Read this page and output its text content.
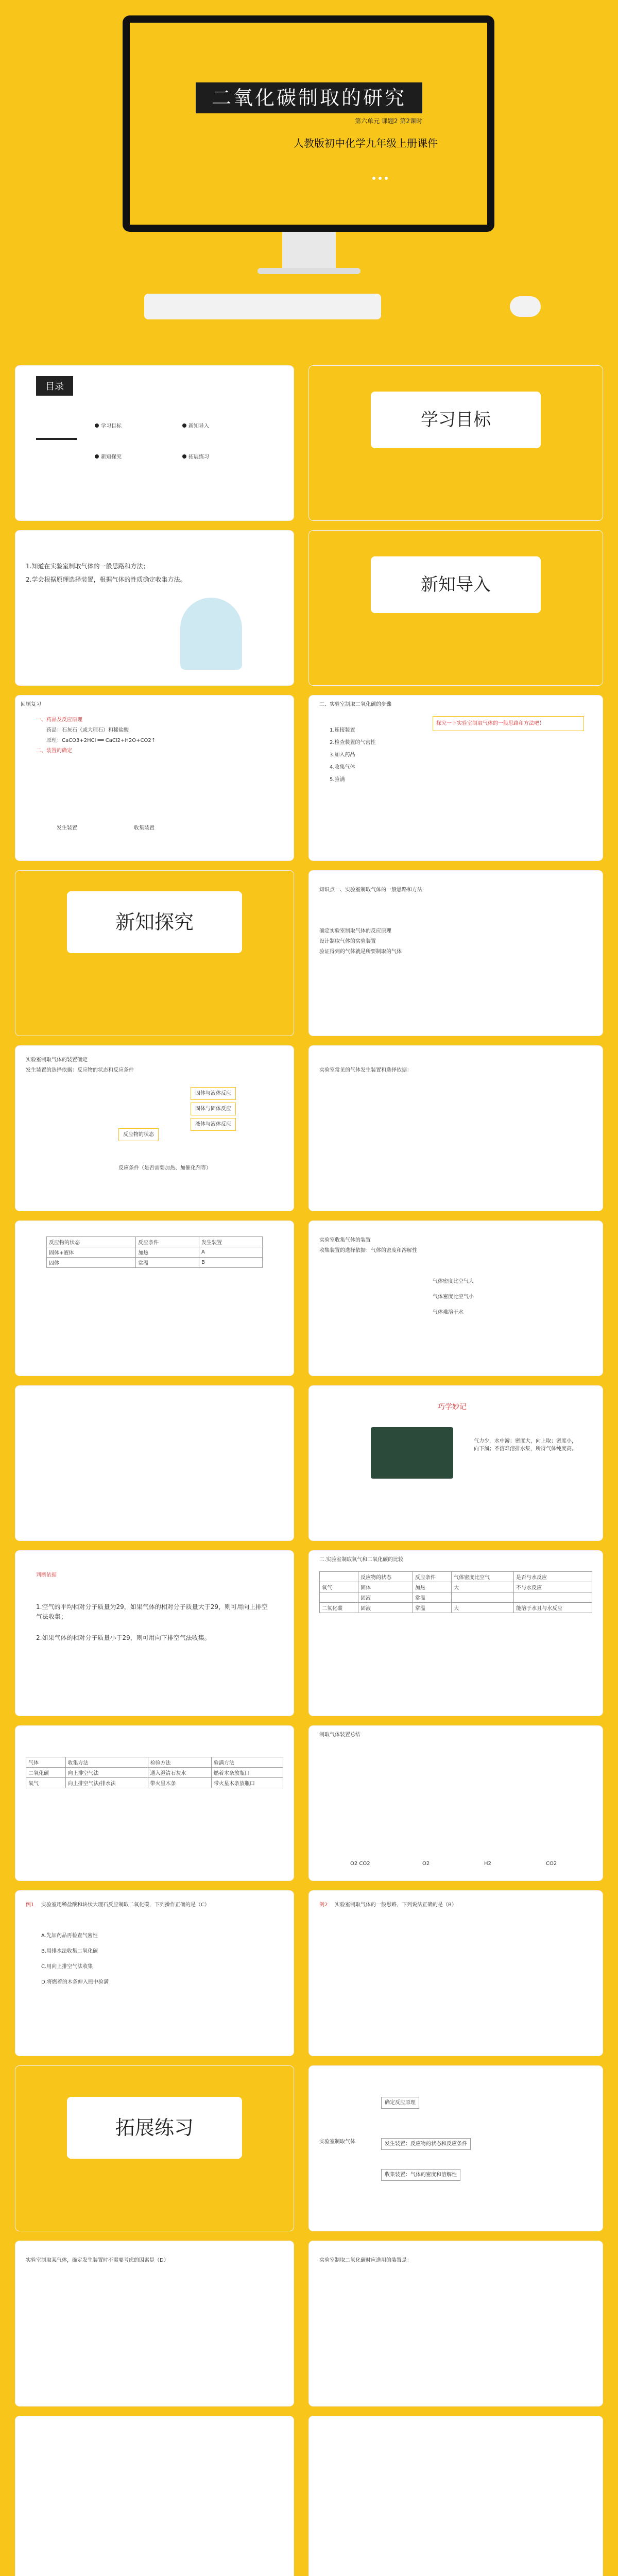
二氧化碳制取的研究
第六单元 课题2 第2课时
人教版初中化学九年级上册课件
目录
学习目标	新知导入
新知探究	拓展练习
学习目标
1.知道在实验室制取气体的一般思路和方法；
2.学会根据原理选择装置，根据气体的性质确定收集方法。	新知导入
回顾复习
一、药品及反应原理
药品：石灰石（或大理石）和稀盐酸
原理：CaCO3+2HCl ══ CaCl2+H2O+CO2↑
二、装置的确定
发生装置	收集装置
二、实验室制取二氧化碳的步骤
1.连接装置
2.检查装置的气密性
3.加入药品
4.收集气体
5.验满
探究一下实验室制取气体的一般思路和方法吧！
新知探究
知识点一、实验室制取气体的一般思路和方法
确定实验室制取气体的反应原理
设计制取气体的实验装置
验证得到的气体就是所要制取的气体
实验室制取气体的装置确定
发生装置的选择依据：反应物的状态和反应条件
反应物的状态
固体与液体反应
固体与固体反应
液体与液体反应
反应条件（是否需要加热、加催化剂等）
实验室常见的气体发生装置和选择依据：
反应物的状态	反应条件	发生装置
固体+液体	加热	A
固体	常温	B
实验室收集气体的装置
收集装置的选择依据：气体的密度和溶解性
气体密度比空气大
气体密度比空气小
气体难溶于水
巧学妙记
气力少，水中游；密度大，向上取；密度小，向下溜；不溶难溶排水集，所得气体纯度高。
判断依据
1.空气的平均相对分子质量为29，如果气体的相对分子质量大于29，则可用向上排空气法收集；
2.如果气体的相对分子质量小于29，则可用向下排空气法收集。
二.实验室制取氧气和二氧化碳的比较
	反应物的状态	反应条件	气体密度比空气	是否与水反应
氧气	固体	加热	大	不与水反应
	固液	常温		
二氧化碳	固液	常温	大	能溶于水且与水反应
气体	收集方法	检验方法	验满方法
二氧化碳	向上排空气法	通入澄清石灰水	燃着木条放瓶口
氧气	向上排空气法/排水法	带火星木条	带火星木条放瓶口
制取气体装置总结
O2 CO2	O2	H2	CO2
例1 实验室用稀盐酸和块状大理石反应制取二氧化碳，下列操作正确的是（C）
A.先加药品再检查气密性
B.用排水法收集二氧化碳
C.用向上排空气法收集
D.将燃着的木条伸入瓶中验满
例2 实验室制取气体的一般思路，下列说法正确的是（B）
拓展练习
实验室制取气体
确定反应原理
发生装置：反应物的状态和反应条件
收集装置：气体的密度和溶解性
实验室制取某气体，确定发生装置时不需要考虑的因素是（D）	实验室制取二氧化碳时应选用的装置是：
